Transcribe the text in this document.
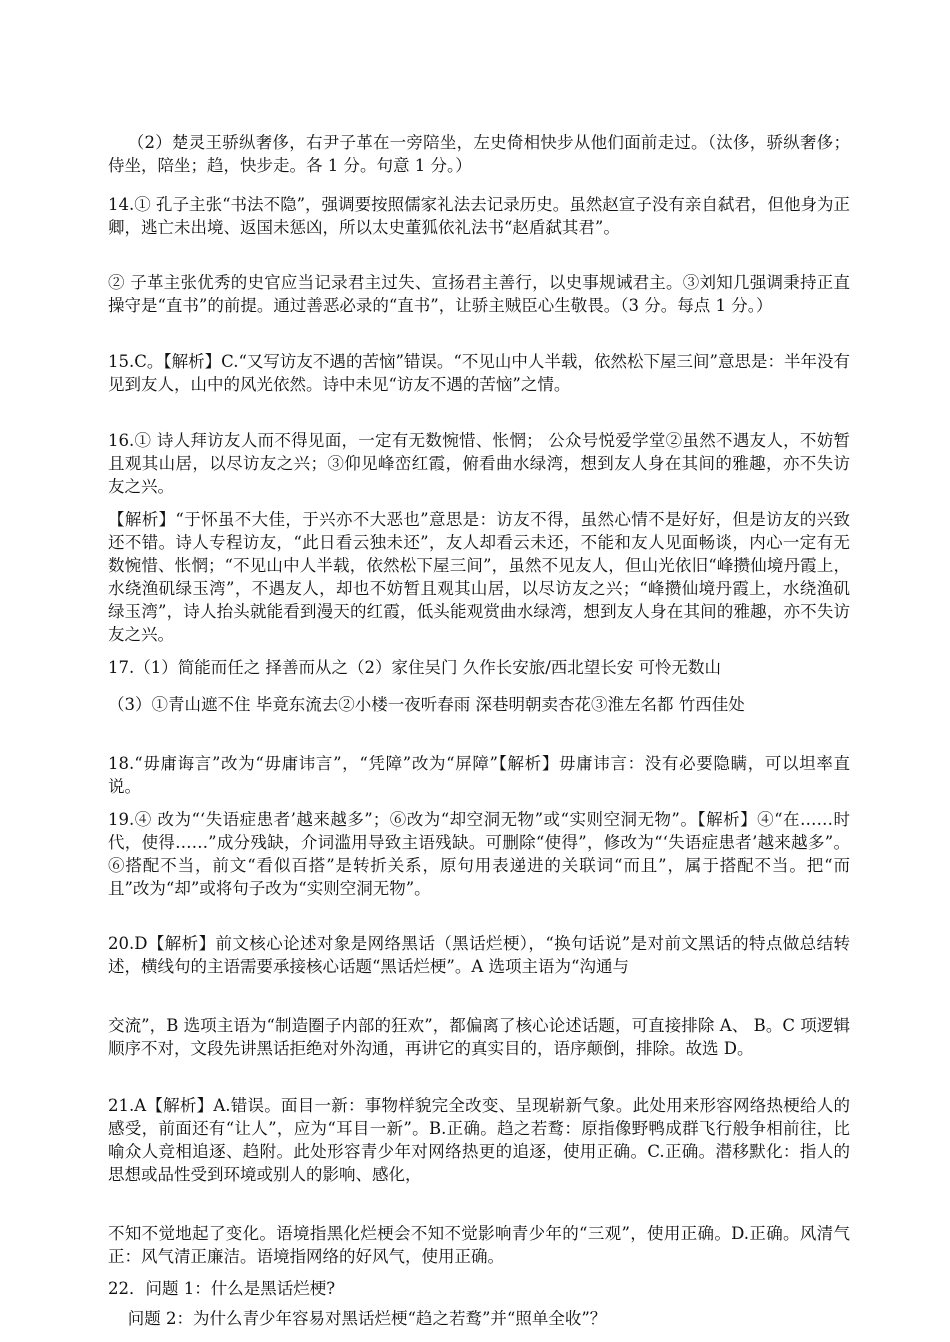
（2）楚灵王骄纵奢侈，右尹子革在一旁陪坐，左史倚相快步从他们面前走过。（汰侈，骄纵奢侈；侍坐，陪坐；趋，快步走。各 1 分。句意 1 分。）

14.① 孔子主张“书法不隐”，强调要按照儒家礼法去记录历史。虽然赵宣子没有亲自弑君，但他身为正卿，逃亡未出境、返国未惩凶，所以太史董狐依礼法书“赵盾弑其君”。

② 子革主张优秀的史官应当记录君主过失、宣扬君主善行，以史事规诫君主。③刘知几强调秉持正直操守是“直书”的前提。通过善恶必录的“直书”，让骄主贼臣心生敬畏。（3 分。每点 1 分。）

15.C。【解析】C.“又写访友不遇的苦恼”错误。“不见山中人半载，依然松下屋三间”意思是：半年没有见到友人，山中的风光依然。诗中未见“访友不遇的苦恼”之情。

16.① 诗人拜访友人而不得见面，一定有无数惋惜、怅惘； 公众号悦爱学堂②虽然不遇友人，不妨暂且观其山居，以尽访友之兴；③仰见峰峦红霞，俯看曲水绿湾，想到友人身在其间的雅趣，亦不失访友之兴。

【解析】“于怀虽不大佳，于兴亦不大恶也”意思是：访友不得，虽然心情不是好好，但是访友的兴致还不错。诗人专程访友，“此日看云独未还”，友人却看云未还，不能和友人见面畅谈，内心一定有无数惋惜、怅惘；“不见山中人半载，依然松下屋三间”，虽然不见友人，但山光依旧“峰攒仙境丹霞上，水绕渔矶绿玉湾”，不遇友人，却也不妨暂且观其山居，以尽访友之兴；“峰攒仙境丹霞上，水绕渔矶绿玉湾”，诗人抬头就能看到漫天的红霞，低头能观赏曲水绿湾，想到友人身在其间的雅趣，亦不失访友之兴。

17.（1）简能而任之 择善而从之（2）家住吴门 久作长安旅/西北望长安 可怜无数山

（3）①青山遮不住 毕竟东流去②小楼一夜听春雨 深巷明朝卖杏花③淮左名都 竹西佳处

18.“毋庸诲言”改为“毋庸讳言”，“凭障”改为“屏障”【解析】毋庸讳言：没有必要隐瞒，可以坦率直说。

19.④ 改为“‘失语症患者’越来越多”；⑥改为“却空洞无物”或“实则空洞无物”。【解析】④“在……时代，使得……”成分残缺，介词滥用导致主语残缺。可删除“使得”，修改为“‘失语症患者’越来越多”。⑥搭配不当，前文“看似百搭”是转折关系，原句用表递进的关联词“而且”，属于搭配不当。把“而且”改为“却”或将句子改为“实则空洞无物”。

20.D【解析】前文核心论述对象是网络黑话（黑话烂梗），“换句话说”是对前文黑话的特点做总结转述，横线句的主语需要承接核心话题“黑话烂梗”。A 选项主语为“沟通与

交流”，B 选项主语为“制造圈子内部的狂欢”，都偏离了核心论述话题，可直接排除 A、 B。C 项逻辑顺序不对，文段先讲黑话拒绝对外沟通，再讲它的真实目的，语序颠倒，排除。故选 D。

21.A【解析】A.错误。面目一新：事物样貌完全改变、呈现崭新气象。此处用来形容网络热梗给人的感受，前面还有“让人”，应为“耳目一新”。B.正确。趋之若鹜：原指像野鸭成群飞行般争相前往，比喻众人竞相追逐、趋附。此处形容青少年对网络热更的追逐，使用正确。C.正确。潜移默化：指人的思想或品性受到环境或别人的影响、感化，

不知不觉地起了变化。语境指黑化烂梗会不知不觉影响青少年的“三观”，使用正确。D.正确。风清气正：风气清正廉洁。语境指网络的好风气，使用正确。

22．问题 1：什么是黑话烂梗?

问题 2：为什么青少年容易对黑话烂梗“趋之若鹜”并“照单全收”？
